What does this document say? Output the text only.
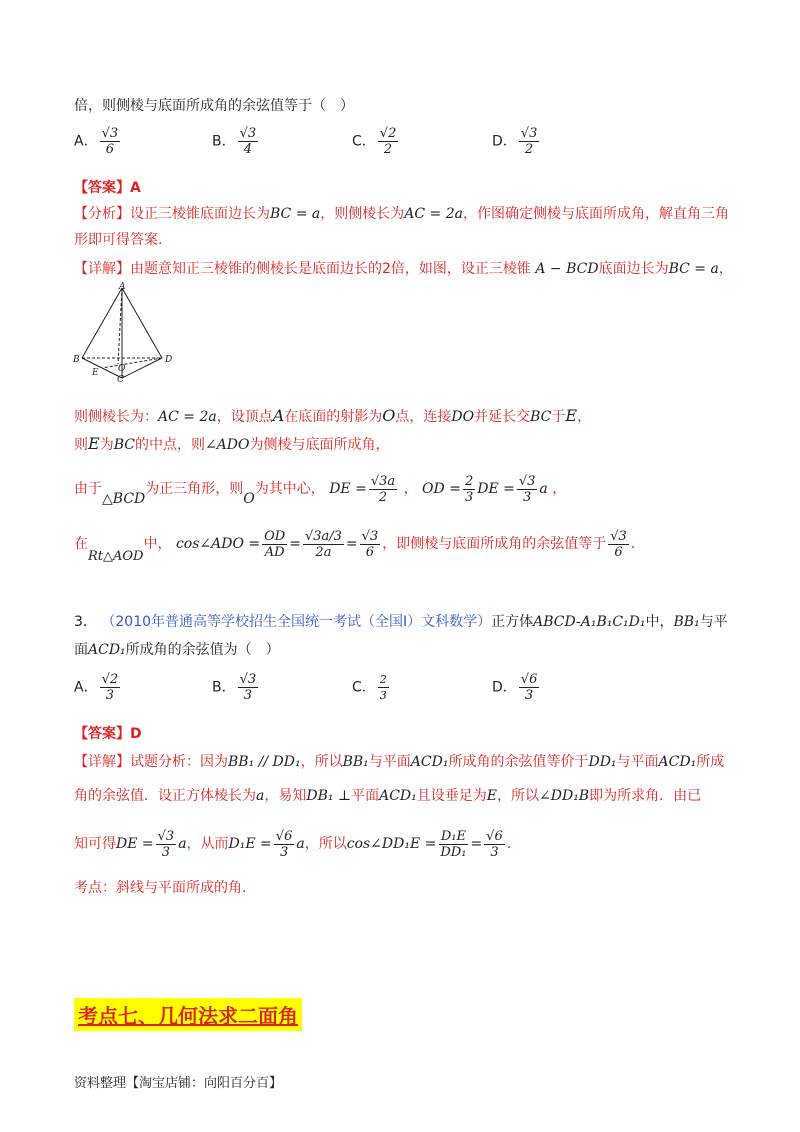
倍，则侧棱与底面所成角的余弦值等于（　）
A． $\frac{√3}{6}$	B． $\frac{√3}{4}$	C． $\frac{√2}{2}$	D． $\frac{√3}{2}$
【答案】A
【分析】设正三棱锥底面边长为BC = a，则侧棱长为AC = 2a，作图确定侧棱与底面所成角，解直角三角
形即可得答案.
【详解】由题意知正三棱锥的侧棱长是底面边长的2倍，如图，设正三棱锥 A − BCD底面边长为BC = a，
A
B	D
C
E O
则侧棱长为：AC = 2a，设顶点A在底面的射影为O点，连接DO并延长交BC于E，
则E为BC的中点，则∠ADO为侧棱与底面所成角，
由于△BCD为正三角形，则O为其中心， DE = $\frac{√3a}{2}$ ， OD = $\frac{2}{3}$ DE = $\frac{√3}{3}$ a ，
在Rt△AOD中， cos∠ADO = $\frac{OD}{AD} = \frac{√3a/3}{2a} = \frac{√3}{6}$ ，即侧棱与底面所成角的余弦值等于 $\frac{√3}{6}$ .
3． （2010年普通高等学校招生全国统一考试（全国Ⅰ）文科数学）正方体ABCD-A₁B₁C₁D₁中，BB₁与平
面ACD₁所成角的余弦值为（　）
A． $\frac{√2}{3}$	B． $\frac{√3}{3}$	C． $\frac{2}{3}$	D． $\frac{√6}{3}$
【答案】D
【详解】试题分析：因为BB₁ // DD₁，所以BB₁与平面ACD₁所成角的余弦值等价于DD₁与平面ACD₁所成
角的余弦值．设正方体棱长为a，易知DB₁ ⊥平面ACD₁且设垂足为E，所以∠DD₁B即为所求角．由已
知可得DE = $\frac{√3}{3}$ a，从而$D_1E = \frac{√6}{3}$ a，所以cos∠DD₁E = $\frac{\text{D₁E}}{\text{DD₁}} = \frac{√6}{3}$ .
考点：斜线与平面所成的角.
考点七、几何法求二面角
资料整理【淘宝店铺：向阳百分百】
